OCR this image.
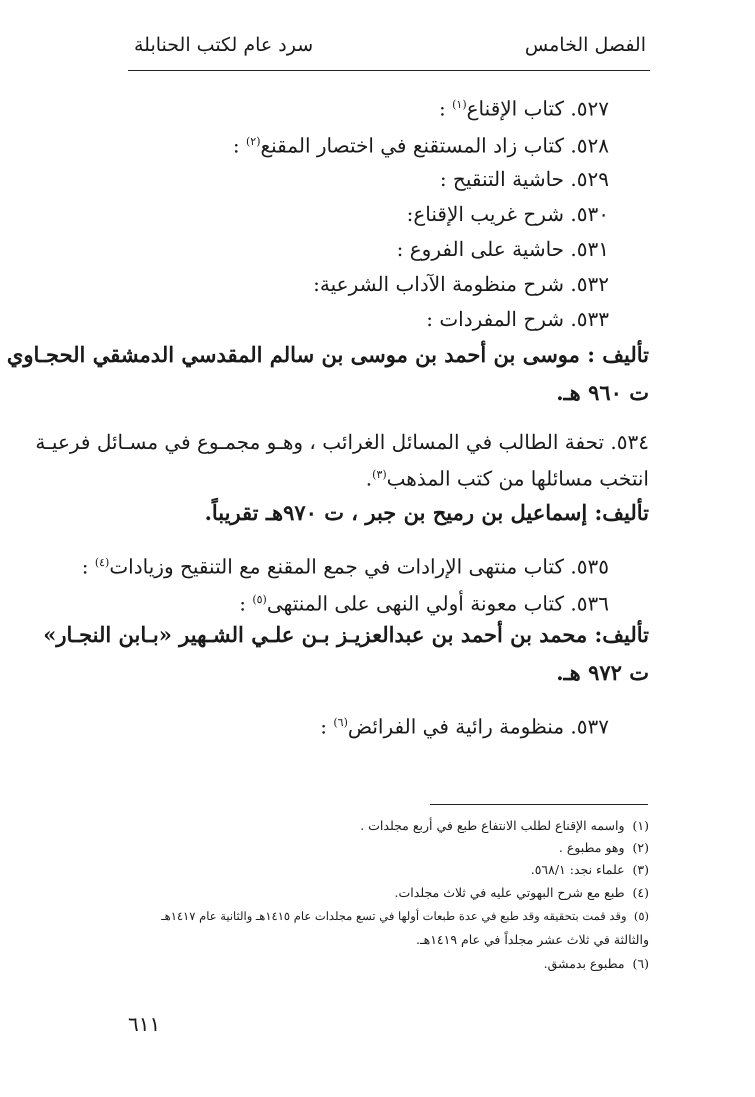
الفصل الخامس
سرد عام لكتب الحنابلة
٥٢٧. كتاب الإقناع$^{(١)}$ :
٥٢٨. كتاب زاد المستقنع في اختصار المقنع$^{(٢)}$ :
٥٢٩. حاشية التنقيح :
٥٣٠. شرح غريب الإقناع:
٥٣١. حاشية على الفروع :
٥٣٢. شرح منظومة الآداب الشرعية:
٥٣٣. شرح المفردات :
تأليف : موسى بن أحمد بن موسى بن سالم المقدسي الدمشقي الحجـاوي
ت ٩٦٠ هـ.
٥٣٤. تحفة الطالب في المسائل الغرائب ، وهـو مجمـوع في مسـائل فرعيـة
انتخب مسائلها من كتب المذهب$^{(٣)}$.
تأليف: إسماعيل بن رميح بن جبر ، ت ٩٧٠هـ تقريباً.
٥٣٥. كتاب منتهى الإرادات في جمع المقنع مع التنقيح وزيادات$^{(٤)}$ :
٥٣٦. كتاب معونة أولي النهى على المنتهى$^{(٥)}$ :
تأليف: محمد بن أحمد بن عبدالعزيـز بـن علـي الشـهير «بـابن النجـار»
ت ٩٧٢ هـ.
٥٣٧. منظومة رائية في الفرائض$^{(٦)}$ :
(١)  واسمه الإقناع لطلب الانتفاع طبع في أربع مجلدات .
(٢)  وهو مطبوع .
(٣)  علماء نجد: ٥٦٨/١.
(٤)  طبع مع شرح البهوتي عليه في ثلاث مجلدات.
(٥)  وقد قمت بتحقيقه وقد طبع في عدة طبعات أولها في تسع مجلدات عام ١٤١٥هـ والثانية عام ١٤١٧هـ
والثالثة في ثلاث عشر مجلداً في عام ١٤١٩هـ.
(٦)  مطبوع بدمشق.
٦١١
